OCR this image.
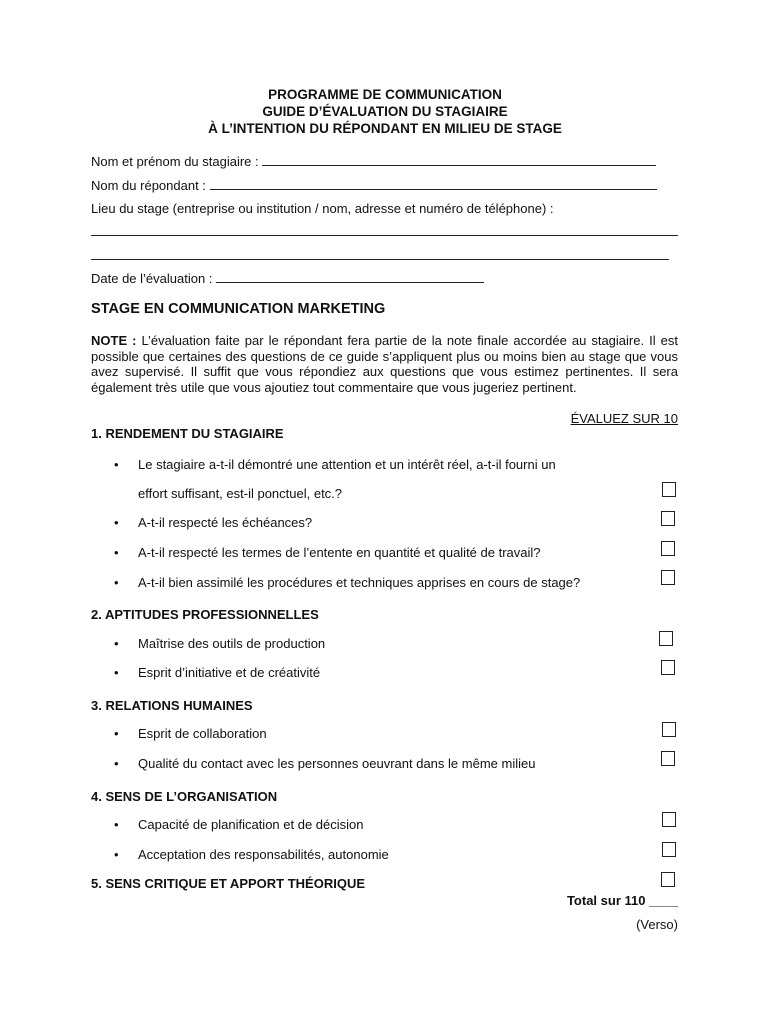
PROGRAMME DE COMMUNICATION
GUIDE D’ÉVALUATION DU STAGIAIRE
À L’INTENTION DU RÉPONDANT EN MILIEU DE STAGE
Nom et prénom du stagiaire :
Nom du répondant :
Lieu du stage (entreprise ou institution / nom, adresse et numéro de téléphone) :
Date de l’évaluation :
STAGE EN COMMUNICATION MARKETING
NOTE : L’évaluation faite par le répondant fera partie de la note finale accordée au stagiaire. Il est possible que certaines des questions de ce guide s’appliquent plus ou moins bien au stage que vous avez supervisé. Il suffit que vous répondiez aux questions que vous estimez pertinentes. Il sera également très utile que vous ajoutiez tout commentaire que vous jugeriez pertinent.
ÉVALUEZ SUR 10
1. RENDEMENT DU STAGIAIRE
• Le stagiaire a-t-il démontré une attention et un intérêt réel, a-t-il fourni un
effort suffisant, est-il ponctuel, etc.?
• A-t-il respecté les échéances?
• A-t-il respecté les termes de l’entente en quantité et qualité de travail?
• A-t-il bien assimilé les procédures et techniques apprises en cours de stage?
2. APTITUDES PROFESSIONNELLES
• Maîtrise des outils de production
• Esprit d’initiative et de créativité
3. RELATIONS HUMAINES
• Esprit de collaboration
• Qualité du contact avec les personnes oeuvrant dans le même milieu
4. SENS DE L’ORGANISATION
• Capacité de planification et de décision
• Acceptation des responsabilités, autonomie
5. SENS CRITIQUE ET APPORT THÉORIQUE
Total sur 110 ____
(Verso)
